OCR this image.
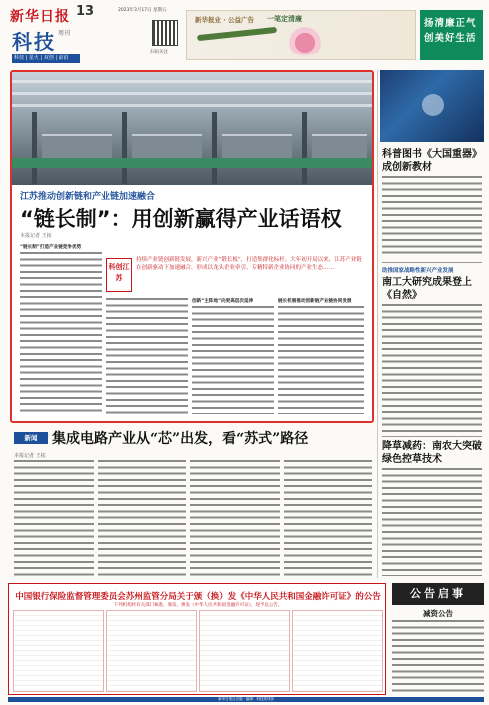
新华日报 13
科技 周刊
科技 | 星火 | 双创 | 前沿
2023年3月17日 星期五
扫码关注
新华报业 · 公益广告 一笔定清廉	扬清廉正气
创美好生活
江苏推动创新链和产业链加速融合
“链长制”：用创新赢得产业话语权
本报记者 王拓
科创江苏
持续产业链创新链发展，新兴产业“锻长板”，打造集群化标杆。大年初开局以来，江苏产业链在创新驱动下加速融合，形成以龙头企业牵引、专精特新企业协同的产业生态……
“链长制”打造产业链竞争优势
创新“主阵地”向更高层次延伸	链长机制推动创新链产业链协同发展
科普图书《大国重器》成创新教材
助推国家战略性新兴产业发展
南工大研究成果登上《自然》
降草减药：南农大突破绿色控草技术
新闻	集成电路产业从“芯”出发，看“苏式”路径
本报记者 王拓
中国银行保险监督管理委员会苏州监管分局关于颁（换）发《中华人民共和国金融许可证》的公告
下列机构经有关部门核准，颁发、换发《中华人民共和国金融许可证》，现予以公告。
公告启事
减资公告
新华日报社出版 · 编辑：科技周刊部
